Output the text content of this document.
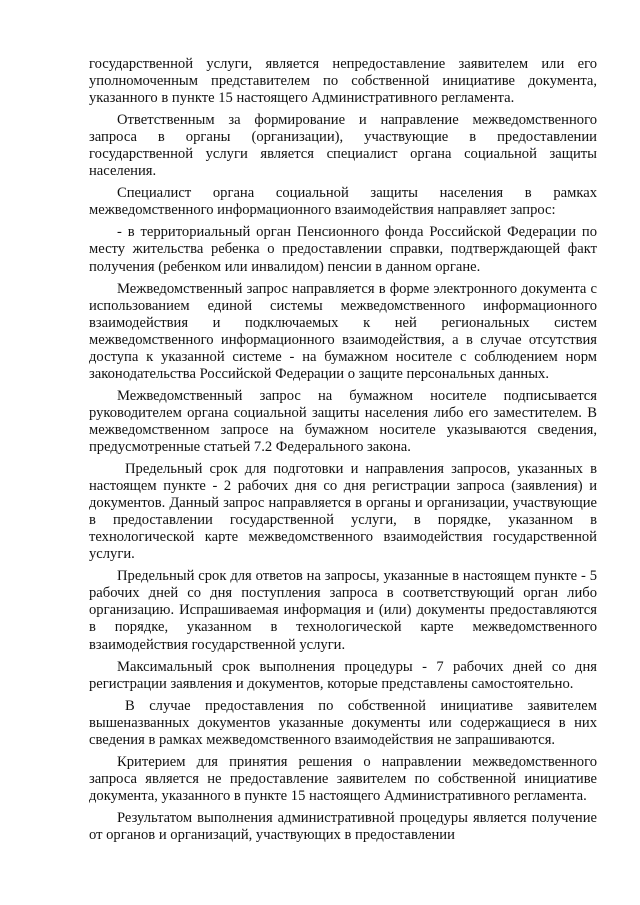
государственной услуги, является непредоставление заявителем или его уполномоченным представителем по собственной инициативе документа, указанного в пункте 15 настоящего Административного регламента.

Ответственным за формирование и направление межведомственного запроса в органы (организации), участвующие в предоставлении государственной услуги является специалист органа социальной защиты населения.

Специалист органа социальной защиты населения в рамках межведомственного информационного взаимодействия направляет запрос:

- в территориальный орган Пенсионного фонда Российской Федерации по месту жительства ребенка о предоставлении справки, подтверждающей факт получения (ребенком или инвалидом) пенсии в данном органе.

Межведомственный запрос направляется в форме электронного документа с использованием единой системы межведомственного информационного взаимодействия и подключаемых к ней региональных систем межведомственного информационного взаимодействия, а в случае отсутствия доступа к указанной системе - на бумажном носителе с соблюдением норм законодательства Российской Федерации о защите персональных данных.

Межведомственный запрос на бумажном носителе подписывается руководителем органа социальной защиты населения либо его заместителем. В межведомственном запросе на бумажном носителе указываются сведения, предусмотренные статьей 7.2 Федерального закона.

Предельный срок для подготовки и направления запросов, указанных в настоящем пункте - 2 рабочих дня со дня регистрации запроса (заявления) и документов. Данный запрос направляется в органы и организации, участвующие в предоставлении государственной услуги, в порядке, указанном в технологической карте межведомственного взаимодействия государственной услуги.

Предельный срок для ответов на запросы, указанные в настоящем пункте - 5 рабочих дней со дня поступления запроса в соответствующий орган либо организацию. Испрашиваемая информация и (или) документы предоставляются в порядке, указанном в технологической карте межведомственного взаимодействия государственной услуги.

Максимальный срок выполнения процедуры - 7 рабочих дней со дня регистрации заявления и документов, которые представлены самостоятельно.

В случае предоставления по собственной инициативе заявителем вышеназванных документов указанные документы или содержащиеся в них сведения в рамках межведомственного взаимодействия не запрашиваются.

Критерием для принятия решения о направлении межведомственного запроса является не предоставление заявителем по собственной инициативе документа, указанного в пункте 15 настоящего Административного регламента.

Результатом выполнения административной процедуры является получение от органов и организаций, участвующих в предоставлении
